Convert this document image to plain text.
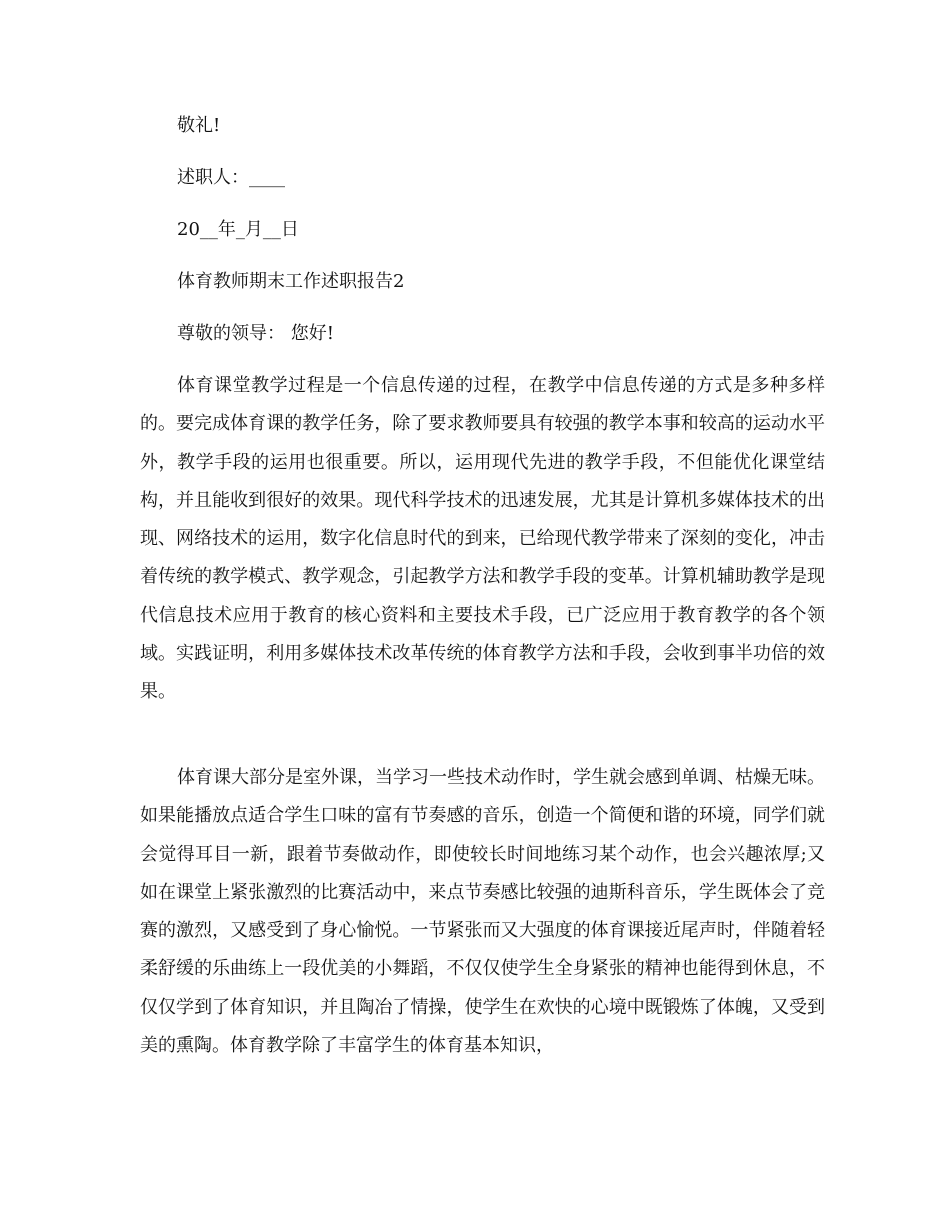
敬礼!
述职人：____
20__年_月__日
体育教师期末工作述职报告2
尊敬的领导： 您好!

体育课堂教学过程是一个信息传递的过程，在教学中信息传递的方式是多种多样的。要完成体育课的教学任务，除了要求教师要具有较强的教学本事和较高的运动水平外，教学手段的运用也很重要。所以，运用现代先进的教学手段，不但能优化课堂结构，并且能收到很好的效果。现代科学技术的迅速发展，尤其是计算机多媒体技术的出现、网络技术的运用，数字化信息时代的到来，已给现代教学带来了深刻的变化，冲击着传统的教学模式、教学观念，引起教学方法和教学手段的变革。计算机辅助教学是现代信息技术应用于教育的核心资料和主要技术手段，已广泛应用于教育教学的各个领域。实践证明，利用多媒体技术改革传统的体育教学方法和手段，会收到事半功倍的效果。

体育课大部分是室外课，当学习一些技术动作时，学生就会感到单调、枯燥无味。如果能播放点适合学生口味的富有节奏感的音乐，创造一个简便和谐的环境，同学们就会觉得耳目一新，跟着节奏做动作，即使较长时间地练习某个动作，也会兴趣浓厚;又如在课堂上紧张激烈的比赛活动中，来点节奏感比较强的迪斯科音乐，学生既体会了竞赛的激烈，又感受到了身心愉悦。一节紧张而又大强度的体育课接近尾声时，伴随着轻柔舒缓的乐曲练上一段优美的小舞蹈，不仅仅使学生全身紧张的精神也能得到休息，不仅仅学到了体育知识，并且陶冶了情操，使学生在欢快的心境中既锻炼了体魄，又受到美的熏陶。体育教学除了丰富学生的体育基本知识，
